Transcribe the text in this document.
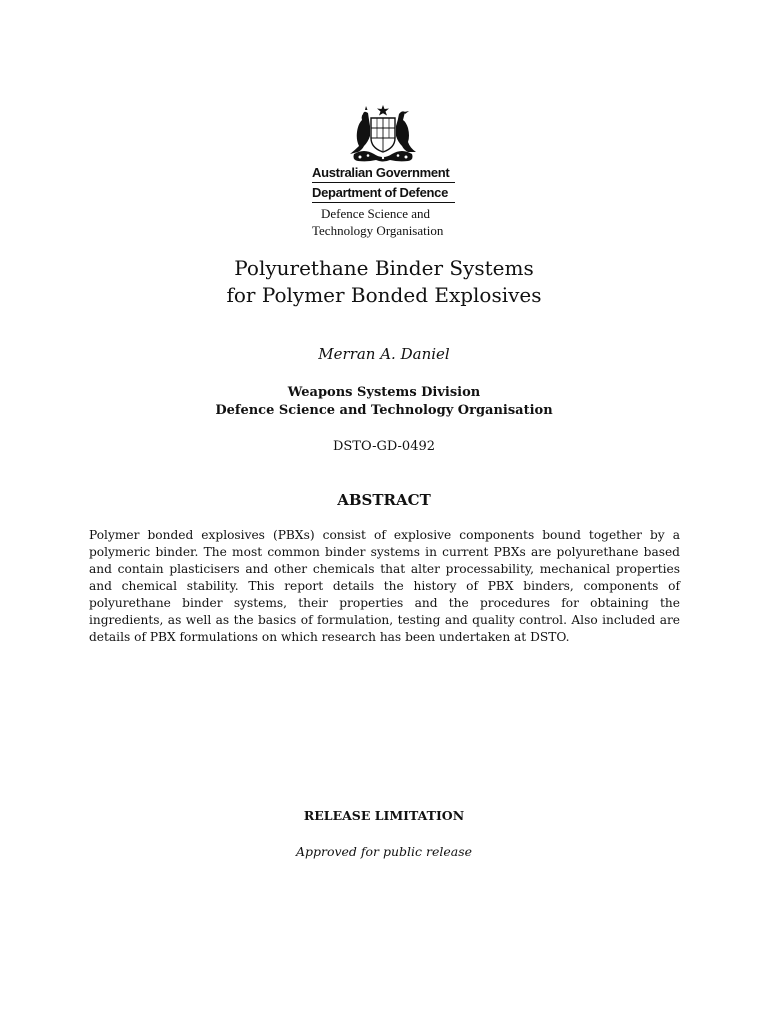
Australian Government
Department of Defence
Defence Science and
Technology Organisation
Polyurethane Binder Systems
for Polymer Bonded Explosives
Merran A. Daniel
Weapons Systems Division
Defence Science and Technology Organisation
DSTO-GD-0492
ABSTRACT
Polymer bonded explosives (PBXs) consist of explosive components bound together by a polymeric binder. The most common binder systems in current PBXs are polyurethane based and contain plasticisers and other chemicals that alter processability, mechanical properties and chemical stability. This report details the history of PBX binders, components of polyurethane binder systems, their properties and the procedures for obtaining the ingredients, as well as the basics of formulation, testing and quality control. Also included are details of PBX formulations on which research has been undertaken at DSTO.
RELEASE LIMITATION
Approved for public release
